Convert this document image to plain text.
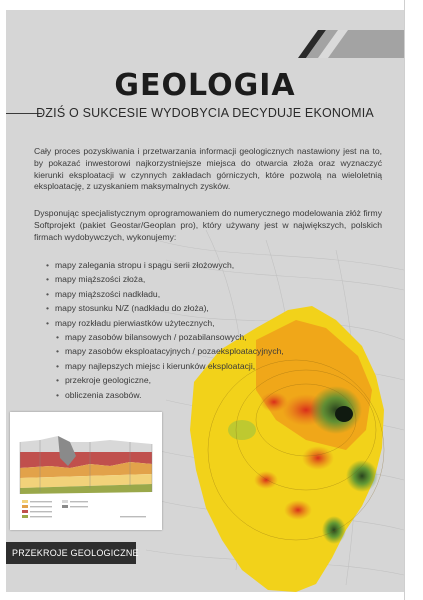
GEOLOGIA
DZIŚ O SUKCESIE WYDOBYCIA DECYDUJE EKONOMIA
Cały proces pozyskiwania i przetwarzania informacji geologicznych nastawiony jest na to, by pokazać inwestorowi najkorzystniejsze miejsca do otwarcia złoża oraz wyznaczyć kierunki eksploatacji w czynnych zakładach górniczych, które pozwolą na wieloletnią eksploatację, z uzyskaniem maksymalnych zysków.
Dysponując specjalistycznym oprogramowaniem do numerycznego modelowania złóż firmy Softprojekt (pakiet Geostar/Geoplan pro), który używany jest w największych, polskich firmach wydobywczych, wykonujemy:
• mapy zalegania stropu i spągu serii złożowych,
• mapy miąższości złoża,
• mapy miąższości nadkładu,
• mapy stosunku N/Z (nadkładu do złoża),
• mapy rozkładu pierwiastków użytecznych,
• mapy zasobów bilansowych / pozabilansowych,
• mapy zasobów eksploatacyjnych / pozaeksploatacyjnych,
• mapy najlepszych miejsc i kierunków eksploatacji,
• przekroje geologiczne,
• obliczenia zasobów.
PRZEKROJE GEOLOGICZNE
